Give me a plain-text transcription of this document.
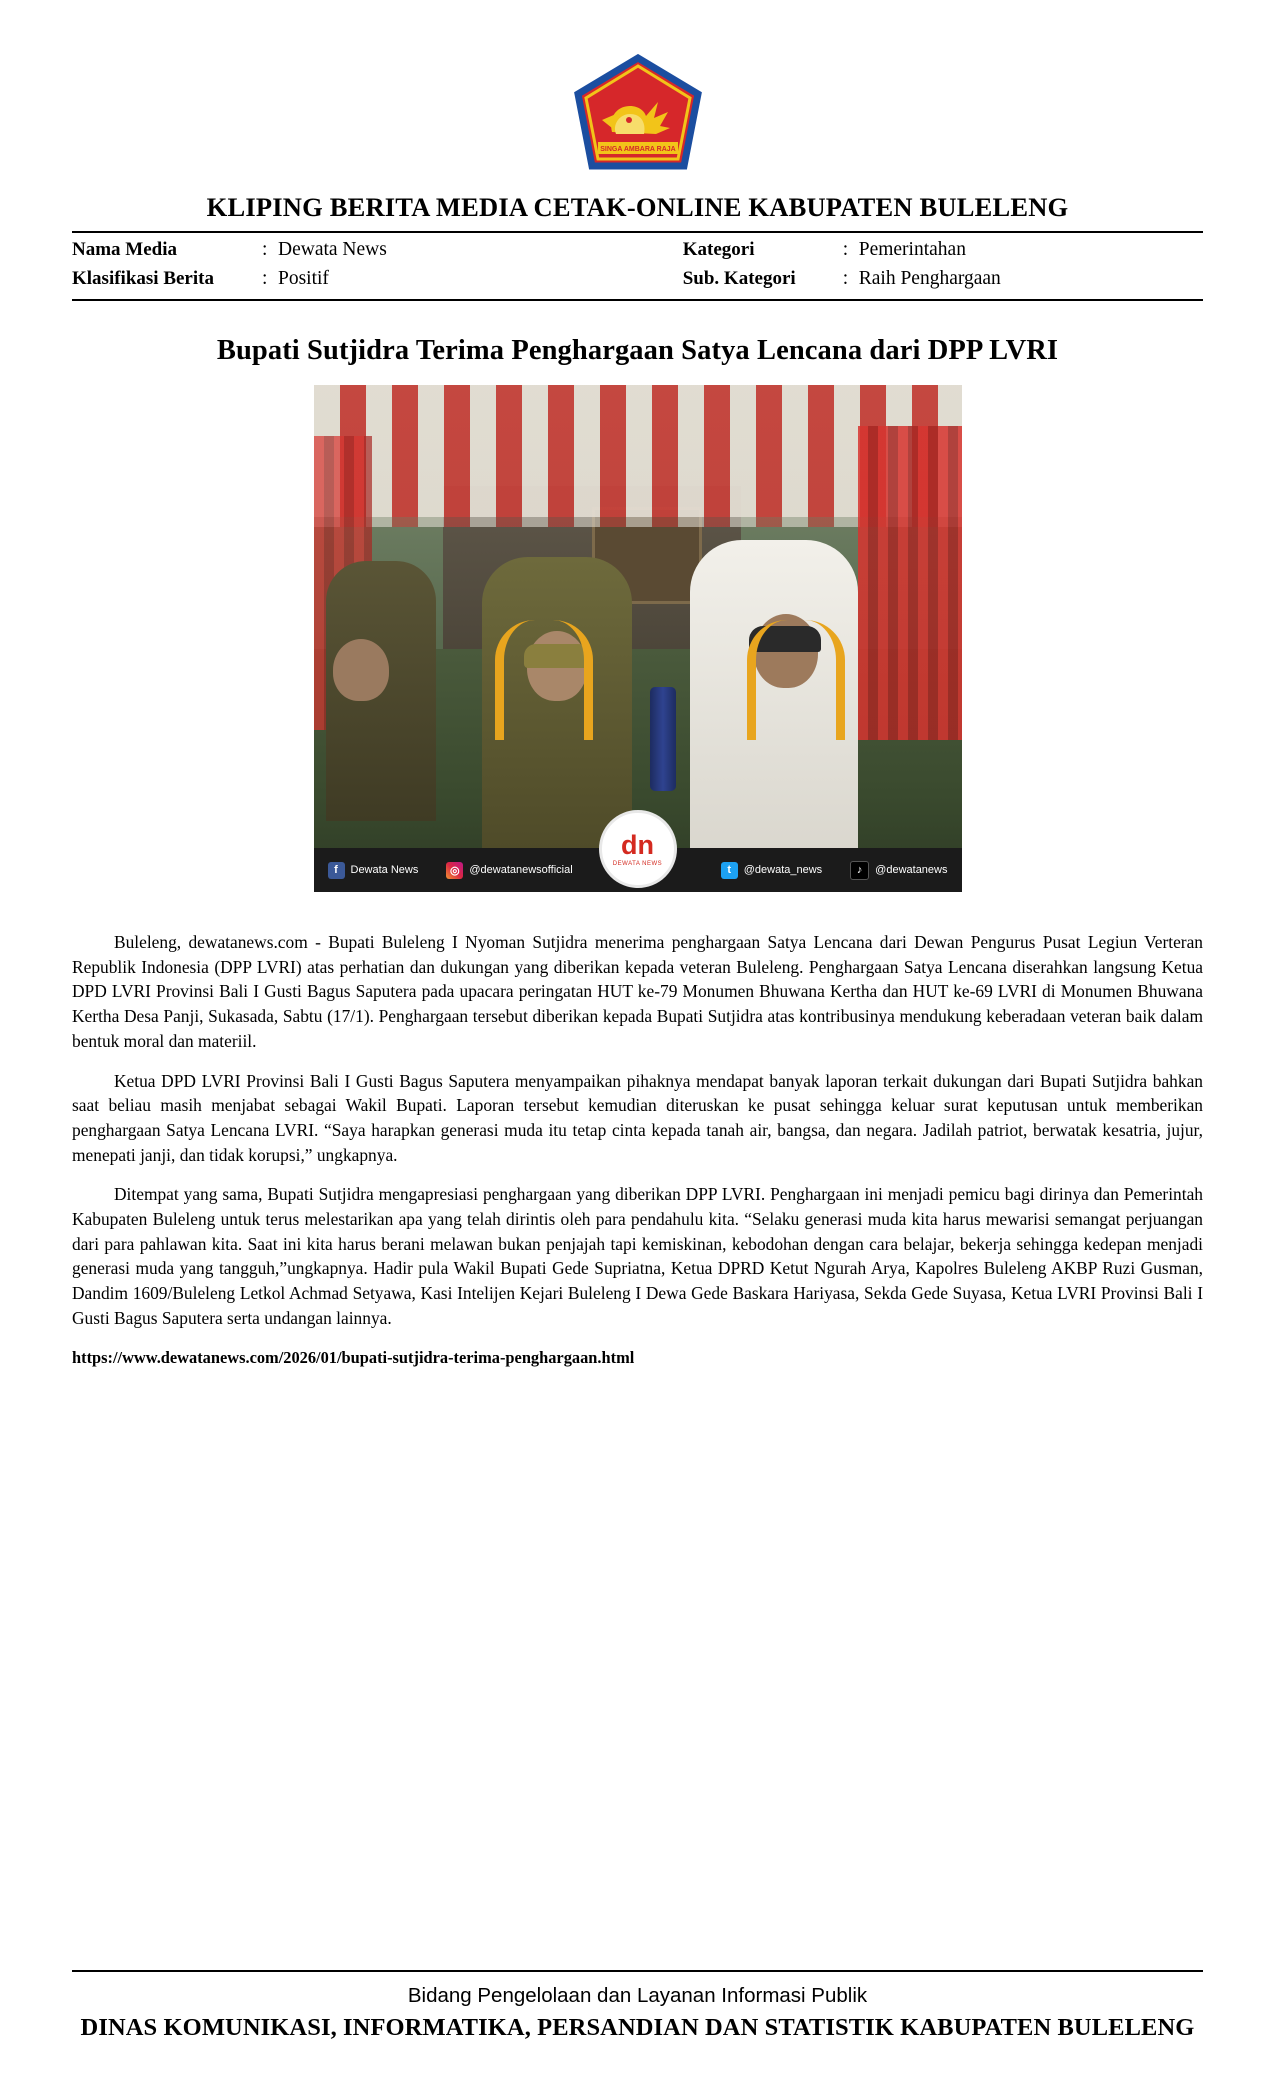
SINGA AMBARA RAJA
KLIPING BERITA MEDIA CETAK-ONLINE KABUPATEN BULELENG
Nama Media	: Dewata News
Klasifikasi Berita	: Positif
Kategori	: Pemerintahan
Sub. Kategori	: Raih Penghargaan
Bupati Sutjidra Terima Penghargaan Satya Lencana dari DPP LVRI
f	Dewata News	◎ @dewatanewsofficial	t	@dewata_news	♪	@dewatanews
dn
DEWATA NEWS

Buleleng, dewatanews.com - Bupati Buleleng I Nyoman Sutjidra menerima penghargaan Satya Lencana dari Dewan Pengurus Pusat Legiun Verteran Republik Indonesia (DPP LVRI) atas perhatian dan dukungan yang diberikan kepada veteran Buleleng. Penghargaan Satya Lencana diserahkan langsung Ketua DPD LVRI Provinsi Bali I Gusti Bagus Saputera pada upacara peringatan HUT ke-79 Monumen Bhuwana Kertha dan HUT ke-69 LVRI di Monumen Bhuwana Kertha Desa Panji, Sukasada, Sabtu (17/1). Penghargaan tersebut diberikan kepada Bupati Sutjidra atas kontribusinya mendukung keberadaan veteran baik dalam bentuk moral dan materiil.

Ketua DPD LVRI Provinsi Bali I Gusti Bagus Saputera menyampaikan pihaknya mendapat banyak laporan terkait dukungan dari Bupati Sutjidra bahkan saat beliau masih menjabat sebagai Wakil Bupati. Laporan tersebut kemudian diteruskan ke pusat sehingga keluar surat keputusan untuk memberikan penghargaan Satya Lencana LVRI. “Saya harapkan generasi muda itu tetap cinta kepada tanah air, bangsa, dan negara. Jadilah patriot, berwatak kesatria, jujur, menepati janji, dan tidak korupsi,” ungkapnya.

Ditempat yang sama, Bupati Sutjidra mengapresiasi penghargaan yang diberikan DPP LVRI. Penghargaan ini menjadi pemicu bagi dirinya dan Pemerintah Kabupaten Buleleng untuk terus melestarikan apa yang telah dirintis oleh para pendahulu kita. “Selaku generasi muda kita harus mewarisi semangat perjuangan dari para pahlawan kita. Saat ini kita harus berani melawan bukan penjajah tapi kemiskinan, kebodohan dengan cara belajar, bekerja sehingga kedepan menjadi generasi muda yang tangguh,”ungkapnya. Hadir pula Wakil Bupati Gede Supriatna, Ketua DPRD Ketut Ngurah Arya, Kapolres Buleleng AKBP Ruzi Gusman, Dandim 1609/Buleleng Letkol Achmad Setyawa, Kasi Intelijen Kejari Buleleng I Dewa Gede Baskara Hariyasa, Sekda Gede Suyasa, Ketua LVRI Provinsi Bali I Gusti Bagus Saputera serta undangan lainnya.

https://www.dewatanews.com/2026/01/bupati-sutjidra-terima-penghargaan.html
Bidang Pengelolaan dan Layanan Informasi Publik
DINAS KOMUNIKASI, INFORMATIKA, PERSANDIAN DAN STATISTIK KABUPATEN BULELENG
